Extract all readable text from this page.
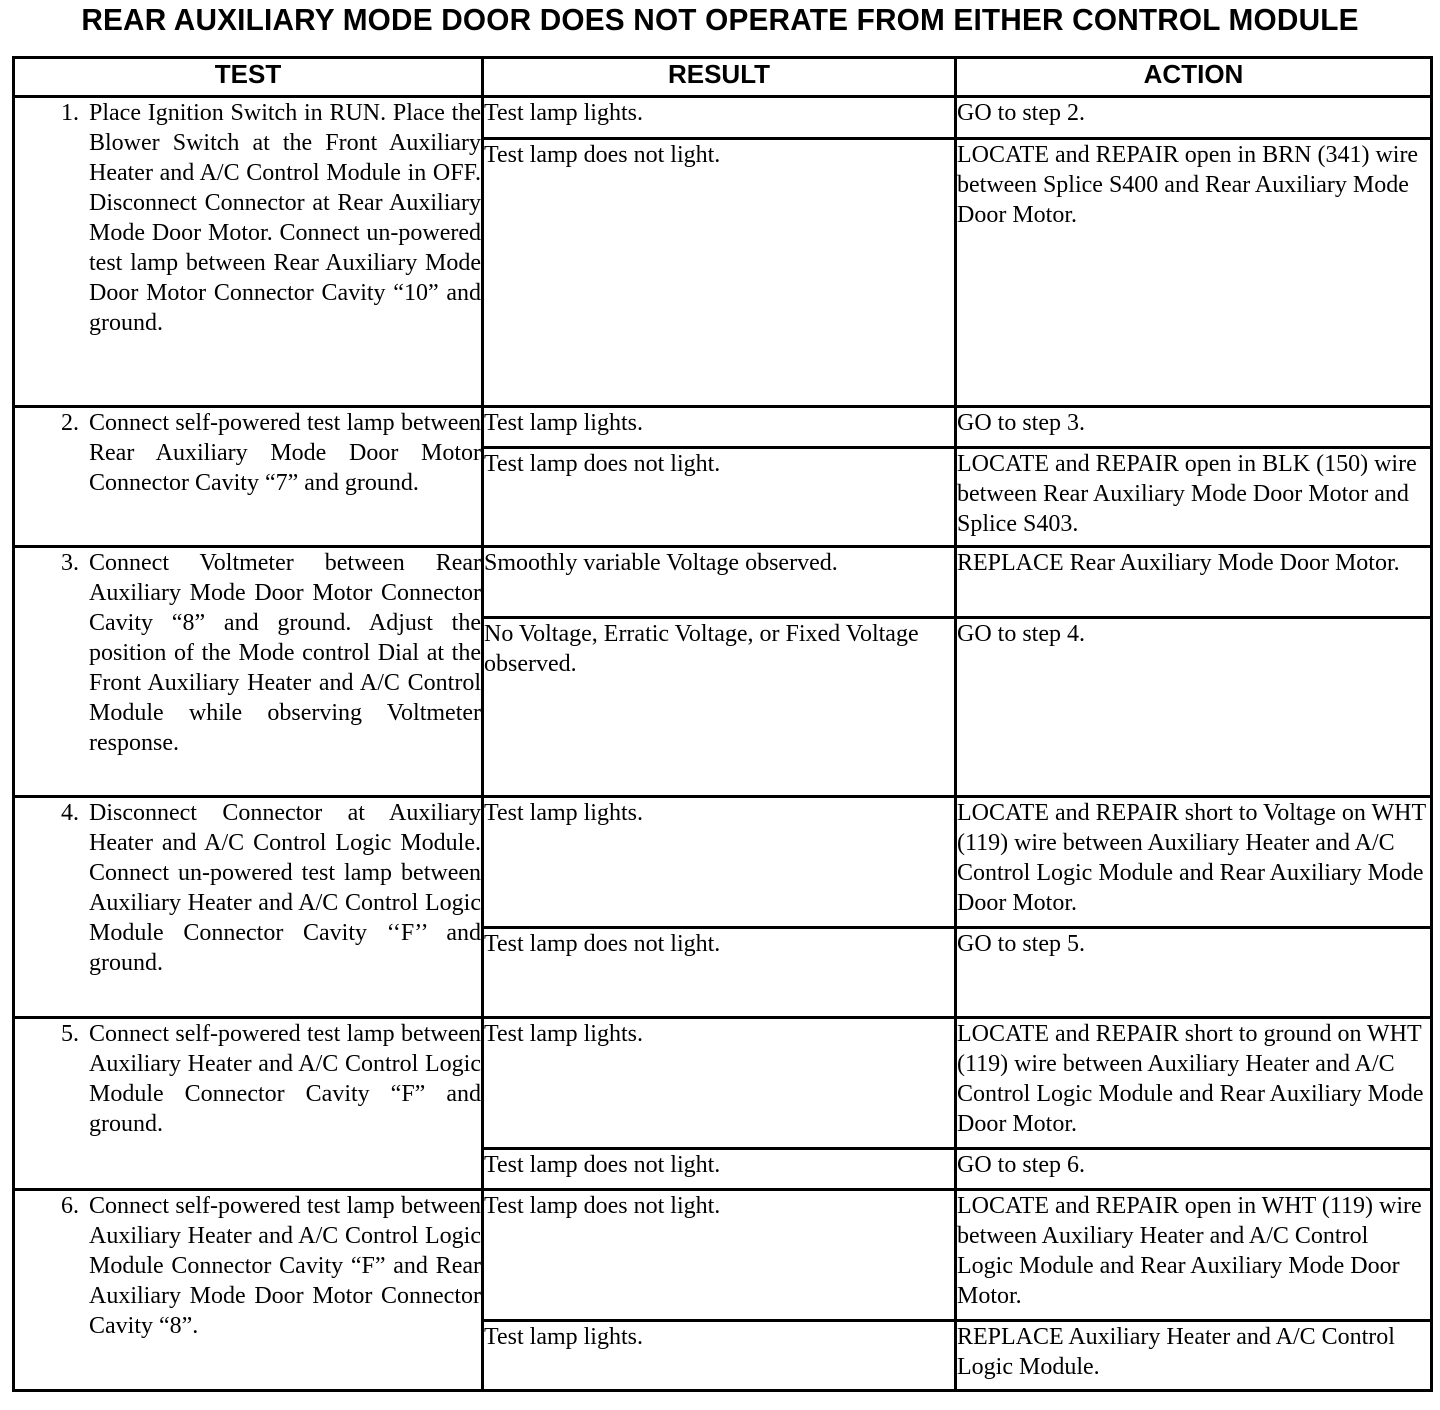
REAR AUXILIARY MODE DOOR DOES NOT OPERATE FROM EITHER CONTROL MODULE
TEST	RESULT	ACTION

1. Place Ignition Switch in RUN. Place the Blower Switch at the Front Auxiliary Heater and A/C Control Module in OFF. Disconnect Connector at Rear Auxiliary Mode Door Motor. Connect un-powered test lamp between Rear Auxiliary Mode Door Motor Connector Cavity “10” and ground.	Test lamp lights.	GO to step 2.
	Test lamp does not light.	LOCATE and REPAIR open in BRN (341) wire between Splice S400 and Rear Auxiliary Mode Door Motor.

2. Connect self-powered test lamp between Rear Auxiliary Mode Door Motor Connector Cavity “7” and ground.	Test lamp lights.	GO to step 3.
	Test lamp does not light.	LOCATE and REPAIR open in BLK (150) wire between Rear Auxiliary Mode Door Motor and Splice S403.

3. Connect Voltmeter between Rear Auxiliary Mode Door Motor Connector Cavity “8” and ground. Adjust the position of the Mode control Dial at the Front Auxiliary Heater and A/C Control Module while observing Voltmeter response.	Smoothly variable Voltage observed.	REPLACE Rear Auxiliary Mode Door Motor.
	No Voltage, Erratic Voltage, or Fixed Voltage observed.	GO to step 4.

4. Disconnect Connector at Auxiliary Heater and A/C Control Logic Module. Connect un-powered test lamp between Auxiliary Heater and A/C Control Logic Module Connector Cavity ‘‘F’’ and ground.	Test lamp lights.	LOCATE and REPAIR short to Voltage on WHT (119) wire between Auxiliary Heater and A/C Control Logic Module and Rear Auxiliary Mode Door Motor.
	Test lamp does not light.	GO to step 5.

5. Connect self-powered test lamp between Auxiliary Heater and A/C Control Logic Module Connector Cavity “F” and ground.	Test lamp lights.	LOCATE and REPAIR short to ground on WHT (119) wire between Auxiliary Heater and A/C Control Logic Module and Rear Auxiliary Mode Door Motor.
	Test lamp does not light.	GO to step 6.

6. Connect self-powered test lamp between Auxiliary Heater and A/C Control Logic Module Connector Cavity “F” and Rear Auxiliary Mode Door Motor Connector Cavity “8”.	Test lamp does not light.	LOCATE and REPAIR open in WHT (119) wire between Auxiliary Heater and A/C Control Logic Module and Rear Auxiliary Mode Door Motor.
	Test lamp lights.	REPLACE Auxiliary Heater and A/C Control Logic Module.
